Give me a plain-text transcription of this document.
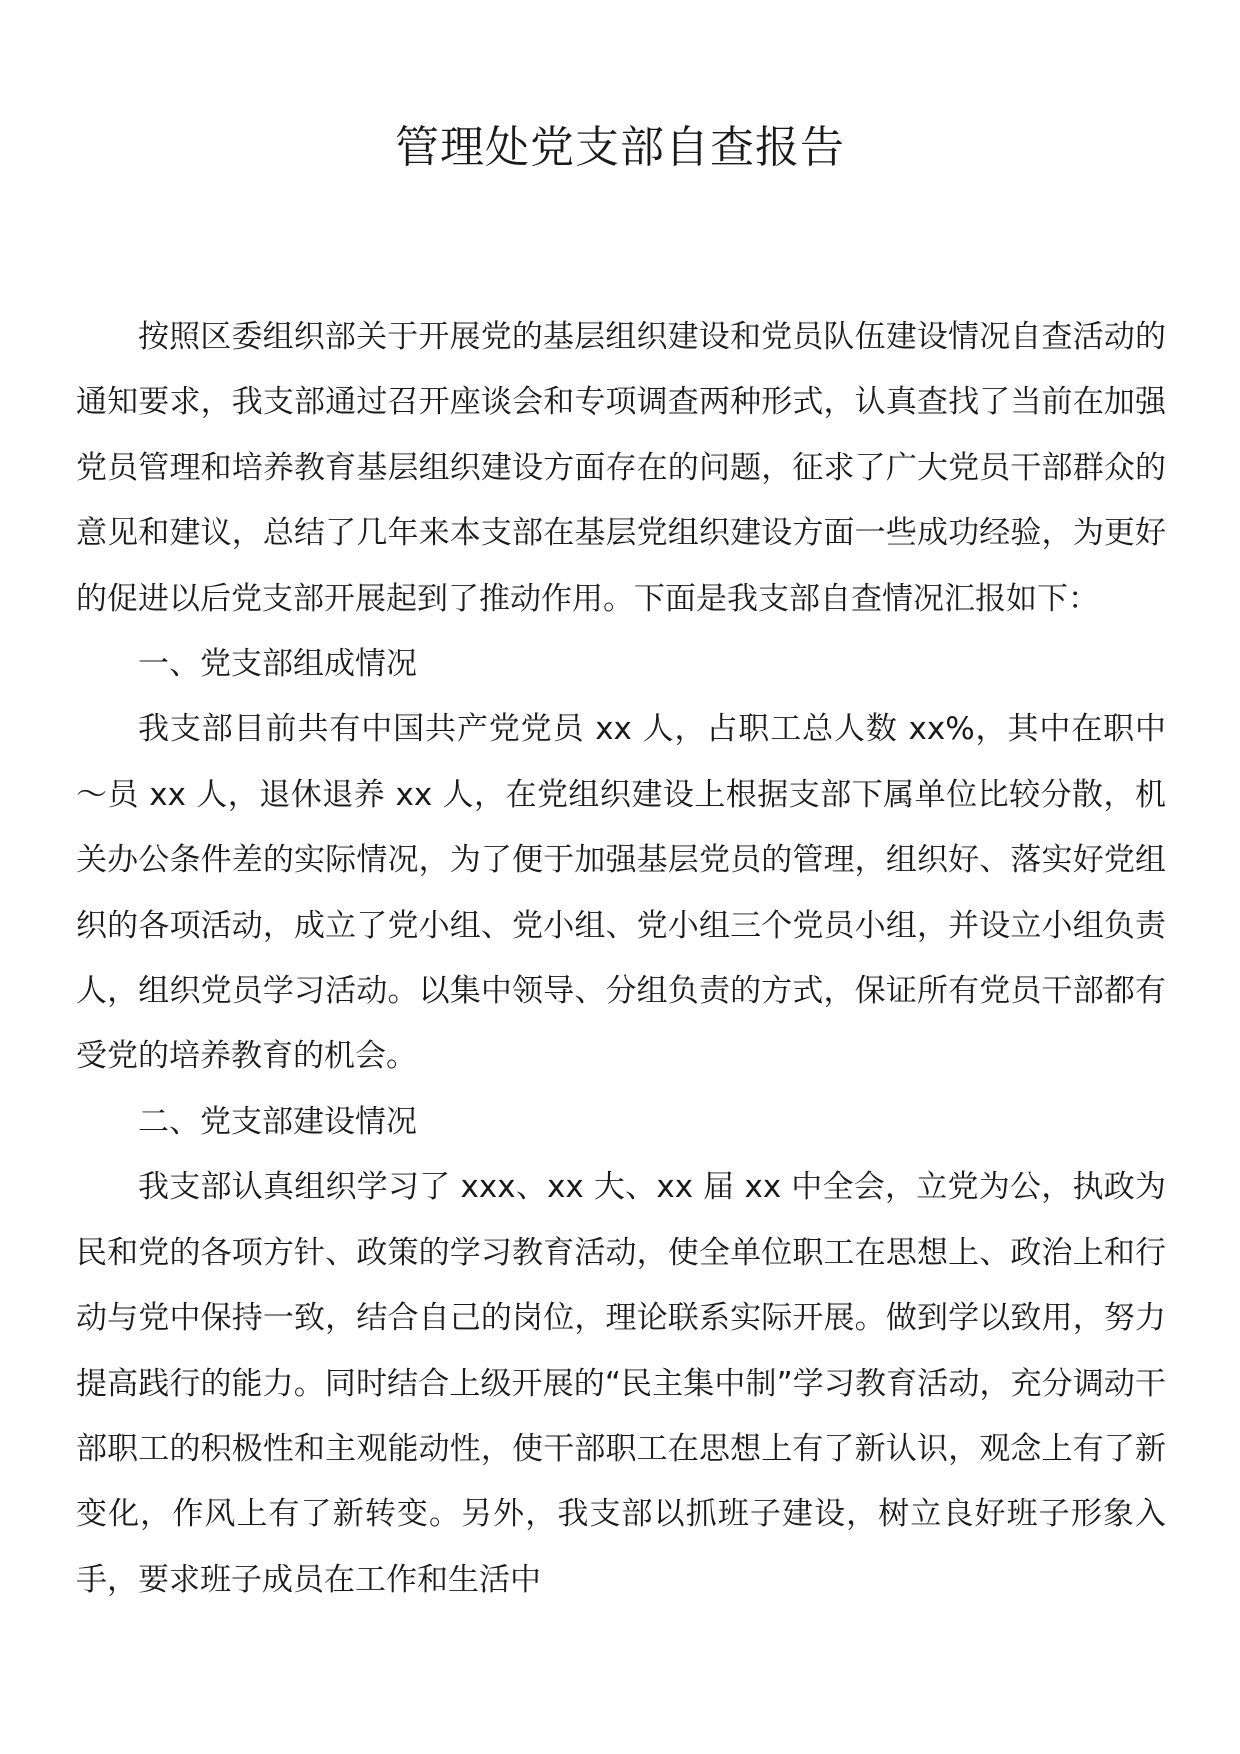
管理处党支部自查报告

按照区委组织部关于开展党的基层组织建设和党员队伍建设情况自查活动的通知要求，我支部通过召开座谈会和专项调查两种形式，认真查找了当前在加强党员管理和培养教育基层组织建设方面存在的问题，征求了广大党员干部群众的意见和建议，总结了几年来本支部在基层党组织建设方面一些成功经验，为更好的促进以后党支部开展起到了推动作用。下面是我支部自查情况汇报如下：

一、党支部组成情况

我支部目前共有中国共产党党员 xx 人，占职工总人数 xx%，其中在职中～员 xx 人，退休退养 xx 人，在党组织建设上根据支部下属单位比较分散，机关办公条件差的实际情况，为了便于加强基层党员的管理，组织好、落实好党组织的各项活动，成立了党小组、党小组、党小组三个党员小组，并设立小组负责人，组织党员学习活动。以集中领导、分组负责的方式，保证所有党员干部都有受党的培养教育的机会。

二、党支部建设情况

我支部认真组织学习了 xxx、xx 大、xx 届 xx 中全会，立党为公，执政为民和党的各项方针、政策的学习教育活动，使全单位职工在思想上、政治上和行动与党中保持一致，结合自己的岗位，理论联系实际开展。做到学以致用，努力提高践行的能力。同时结合上级开展的“民主集中制”学习教育活动，充分调动干部职工的积极性和主观能动性，使干部职工在思想上有了新认识，观念上有了新变化，作风上有了新转变。另外，我支部以抓班子建设，树立良好班子形象入手，要求班子成员在工作和生活中
